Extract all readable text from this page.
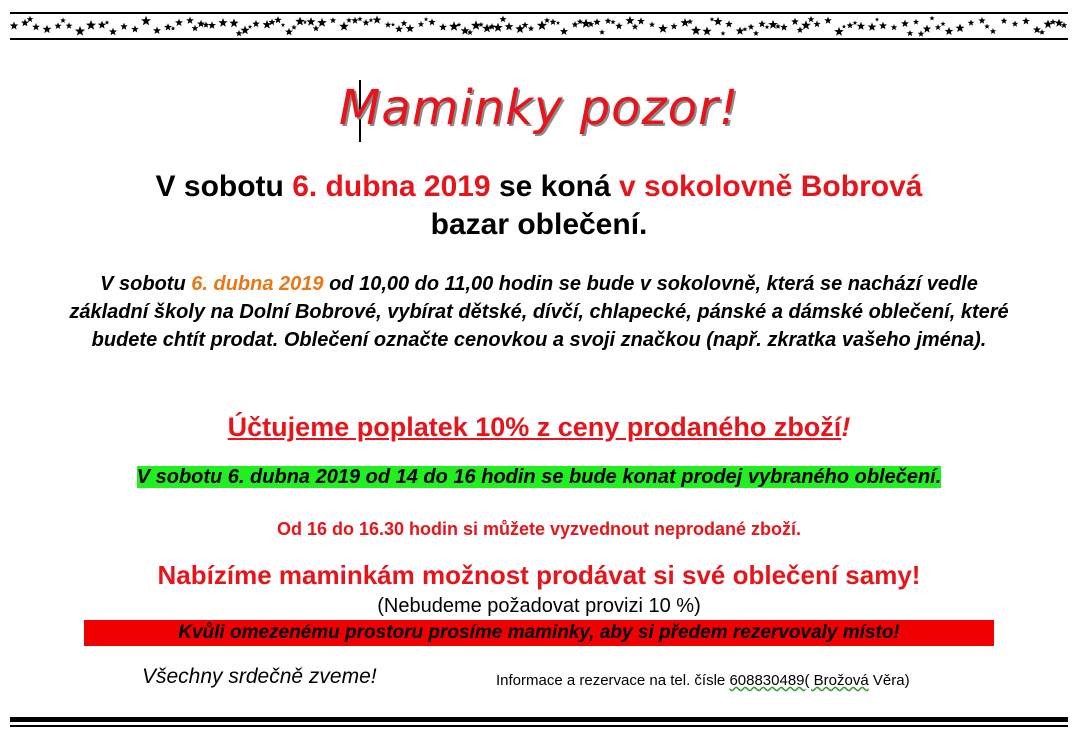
Maminky pozor!
V sobotu 6. dubna 2019 se koná v sokolovně Bobrová
bazar oblečení.
V sobotu 6. dubna 2019 od 10,00 do 11,00 hodin se bude v sokolovně, která se nachází vedle základní školy na Dolní Bobrové, vybírat dětské, dívčí, chlapecké, pánské a dámské oblečení, které budete chtít prodat. Oblečení označte cenovkou a svoji značkou (např. zkratka vašeho jména).
Účtujeme poplatek 10% z ceny prodaného zboží!
V sobotu 6. dubna 2019 od 14 do 16 hodin se bude konat prodej vybraného oblečení.
Od 16 do 16.30 hodin si můžete vyzvednout neprodané zboží.
Nabízíme maminkám možnost prodávat si své oblečení samy!
(Nebudeme požadovat provizi 10 %)
Kvůli omezenému prostoru prosíme maminky, aby si předem rezervovaly místo!
Všechny srdečně zveme!	Informace a rezervace na tel. čísle 608830489( Brožová Věra)
